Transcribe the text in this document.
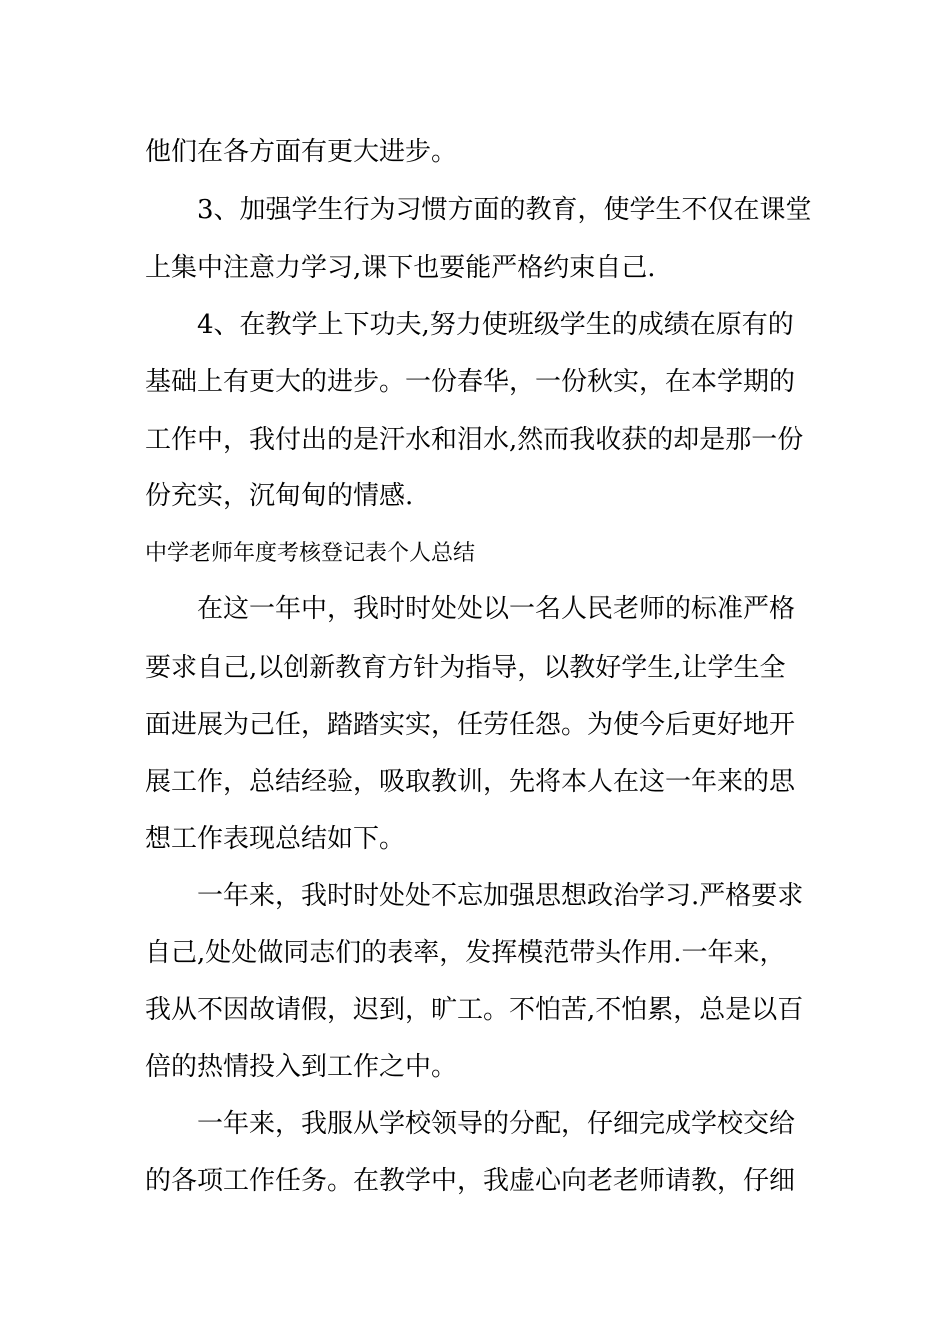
他们在各方面有更大进步。
3、加强学生行为习惯方面的教育，使学生不仅在课堂
上集中注意力学习,课下也要能严格约束自己.
4、在教学上下功夫,努力使班级学生的成绩在原有的
基础上有更大的进步。一份春华，一份秋实，在本学期的
工作中，我付出的是汗水和泪水,然而我收获的却是那一份
份充实，沉甸甸的情感.
中学老师年度考核登记表个人总结
在这一年中，我时时处处以一名人民老师的标准严格
要求自己,以创新教育方针为指导，以教好学生,让学生全
面进展为己任，踏踏实实，任劳任怨。为使今后更好地开
展工作，总结经验，吸取教训，先将本人在这一年来的思
想工作表现总结如下。
一年来，我时时处处不忘加强思想政治学习.严格要求
自己,处处做同志们的表率，发挥模范带头作用.一年来，
我从不因故请假，迟到，旷工。不怕苦,不怕累，总是以百
倍的热情投入到工作之中。
一年来，我服从学校领导的分配，仔细完成学校交给
的各项工作任务。在教学中，我虚心向老老师请教，仔细
